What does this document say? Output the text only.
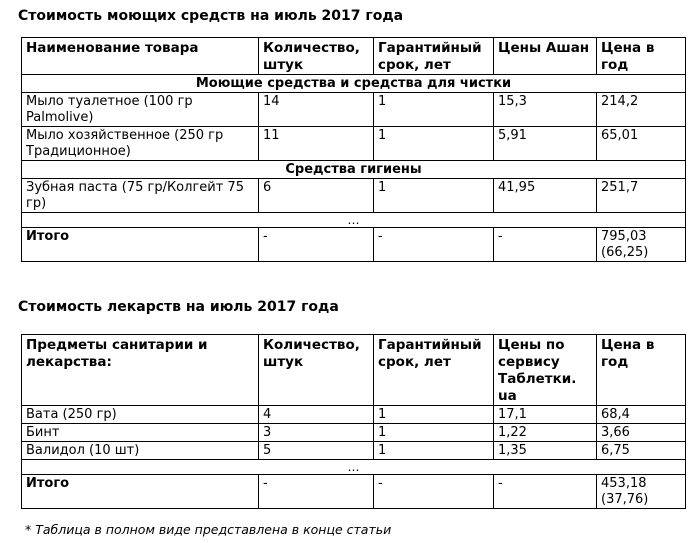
Стоимость моющих средств на июль 2017 года
Наименование товара	Количество, штук	Гарантийный срок, лет	Цены Ашан	Цена в год
Моющие средства и средства для чистки				
Мыло туалетное (100 гр Palmolive)	14	1	15,3	214,2
Мыло хозяйственное (250 гр Традиционное)	11	1	5,91	65,01
Средства гигиены				
Зубная паста (75 гр/Колгейт 75 гр)	6	1	41,95	251,7
…				
Итого	-	-	-	795,03 (66,25)
Стоимость лекарств на июль 2017 года
Предметы санитарии и лекарства:	Количество, штук	Гарантийный срок, лет	Цены по сервису Таблетки. ua	Цена в год
Вата (250 гр)	4	1	17,1	68,4
Бинт	3	1	1,22	3,66
Валидол (10 шт)	5	1	1,35	6,75
…				
Итого	-	-	-	453,18 (37,76)
* Таблица в полном виде представлена в конце статьи
